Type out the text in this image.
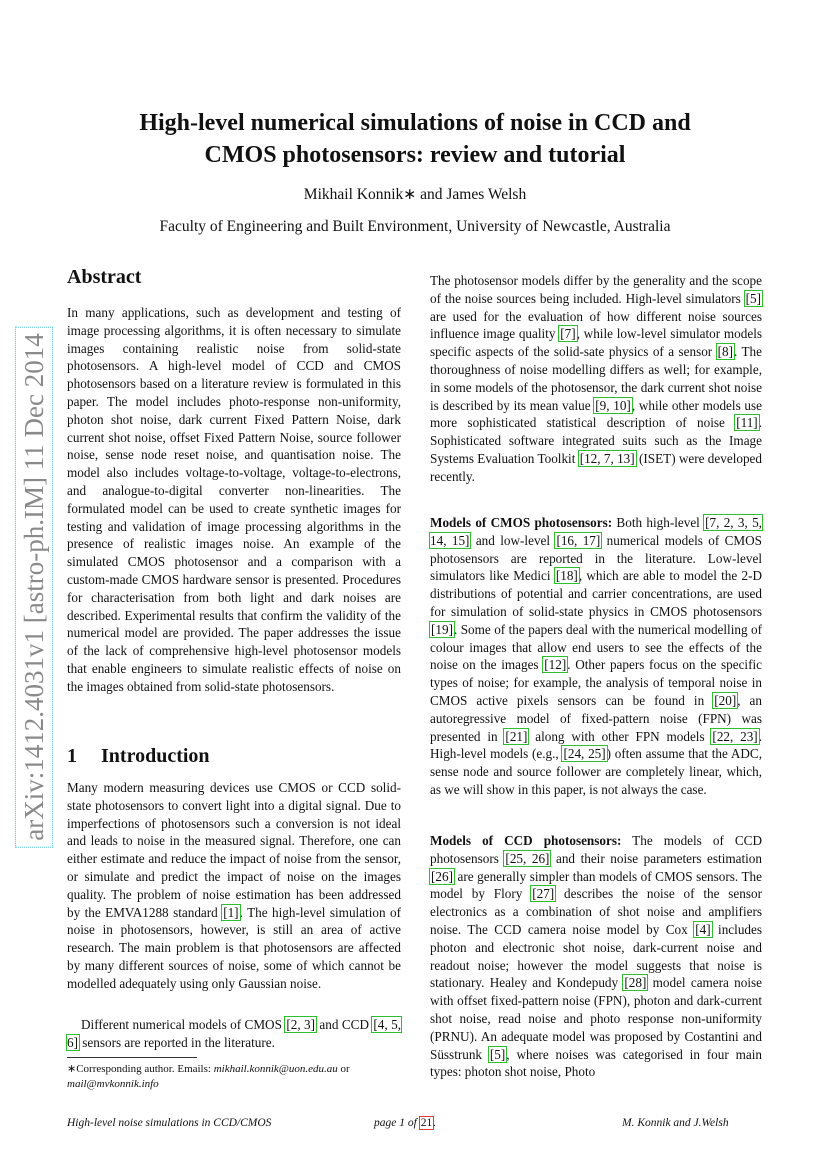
High-level numerical simulations of noise in CCD and
CMOS photosensors: review and tutorial
Mikhail Konnik∗ and James Welsh
Faculty of Engineering and Built Environment, University of Newcastle, Australia
arXiv:1412.4031v1 [astro-ph.IM] 11 Dec 2014
Abstract
In many applications, such as development and testing of image processing algorithms, it is often necessary to simulate images containing realistic noise from solid-state photosensors. A high-level model of CCD and CMOS photosensors based on a literature review is formulated in this paper. The model includes photo-response non-uniformity, photon shot noise, dark current Fixed Pattern Noise, dark current shot noise, offset Fixed Pattern Noise, source follower noise, sense node reset noise, and quantisation noise. The model also includes voltage-to-voltage, voltage-to-electrons, and analogue-to-digital converter non-linearities. The formulated model can be used to create synthetic images for testing and validation of image processing algorithms in the presence of realistic images noise. An example of the simulated CMOS photosensor and a comparison with a custom-made CMOS hardware sensor is presented. Procedures for characterisation from both light and dark noises are described. Experimental results that confirm the validity of the numerical model are provided. The paper addresses the issue of the lack of comprehensive high-level photosensor models that enable engineers to simulate realistic effects of noise on the images obtained from solid-state photosensors.
1 Introduction
Many modern measuring devices use CMOS or CCD solid-state photosensors to convert light into a digital signal. Due to imperfections of photosensors such a conversion is not ideal and leads to noise in the measured signal. Therefore, one can either estimate and reduce the impact of noise from the sensor, or simulate and predict the impact of noise on the images quality. The problem of noise estimation has been addressed by the EMVA1288 standard [1]. The high-level simulation of noise in photosensors, however, is still an area of active research. The main problem is that photosensors are affected by many different sources of noise, some of which cannot be modelled adequately using only Gaussian noise.
Different numerical models of CMOS [2, 3] and CCD [4, 5, 6] sensors are reported in the literature.
∗Corresponding author. Emails: mikhail.konnik@uon.edu.au or mail@mvkonnik.info
The photosensor models differ by the generality and the scope of the noise sources being included. High-level simulators [5] are used for the evaluation of how different noise sources influence image quality [7], while low-level simulator models specific aspects of the solid-sate physics of a sensor [8]. The thoroughness of noise modelling differs as well; for example, in some models of the photosensor, the dark current shot noise is described by its mean value [9, 10], while other models use more sophisticated statistical description of noise [11]. Sophisticated software integrated suits such as the Image Systems Evaluation Toolkit [12, 7, 13] (ISET) were developed recently.
Models of CMOS photosensors: Both high-level [7, 2, 3, 5, 14, 15] and low-level [16, 17] numerical models of CMOS photosensors are reported in the literature. Low-level simulators like Medici [18], which are able to model the 2-D distributions of potential and carrier concentrations, are used for simulation of solid-state physics in CMOS photosensors [19]. Some of the papers deal with the numerical modelling of colour images that allow end users to see the effects of the noise on the images [12]. Other papers focus on the specific types of noise; for example, the analysis of temporal noise in CMOS active pixels sensors can be found in [20], an autoregressive model of fixed-pattern noise (FPN) was presented in [21] along with other FPN models [22, 23]. High-level models (e.g., [24, 25]) often assume that the ADC, sense node and source follower are completely linear, which, as we will show in this paper, is not always the case.
Models of CCD photosensors: The models of CCD photosensors [25, 26] and their noise parameters estimation [26] are generally simpler than models of CMOS sensors. The model by Flory [27] describes the noise of the sensor electronics as a combination of shot noise and amplifiers noise. The CCD camera noise model by Cox [4] includes photon and electronic shot noise, dark-current noise and readout noise; however the model suggests that noise is stationary. Healey and Kondepudy [28] model camera noise with offset fixed-pattern noise (FPN), photon and dark-current shot noise, read noise and photo response non-uniformity (PRNU). An adequate model was proposed by Costantini and Süsstrunk [5], where noises was categorised in four main types: photon shot noise, Photo
High-level noise simulations in CCD/CMOS	page 1 of 21.	M. Konnik and J.Welsh
